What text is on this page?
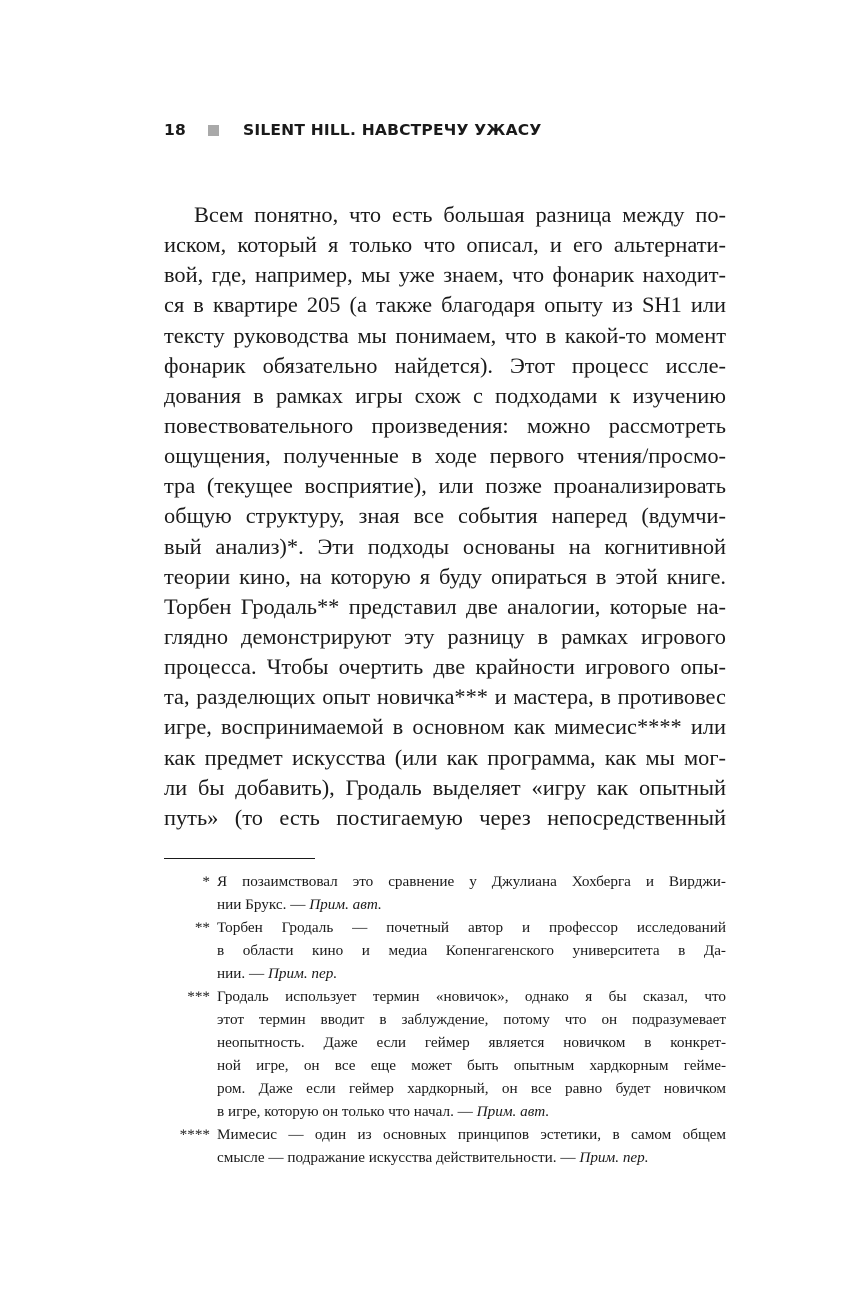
18	SILENT HILL. НАВСТРЕЧУ УЖАСУ
Всем понятно, что есть большая разница между по-
иском, который я только что описал, и его альтернати-
вой, где, например, мы уже знаем, что фонарик находит-
ся в квартире 205 (а также благодаря опыту из SH1 или
тексту руководства мы понимаем, что в какой-то момент
фонарик обязательно найдется). Этот процесс иссле-
дования в рамках игры схож с подходами к изучению
повествовательного произведения: можно рассмотреть
ощущения, полученные в ходе первого чтения/просмо-
тра (текущее восприятие), или позже проанализировать
общую структуру, зная все события наперед (вдумчи-
вый анализ)*. Эти подходы основаны на когнитивной
теории кино, на которую я буду опираться в этой книге.
Торбен Гродаль** представил две аналогии, которые на-
глядно демонстрируют эту разницу в рамках игрового
процесса. Чтобы очертить две крайности игрового опы-
та, разделющих опыт новичка*** и мастера, в противовес
игре, воспринимаемой в основном как мимесис**** или
как предмет искусства (или как программа, как мы мог-
ли бы добавить), Гродаль выделяет «игру как опытный
путь» (то есть постигаемую через непосредственный
* Я позаимствовал это сравнение у Джулиана Хохберга и Вирджи-
нии Брукс. — Прим. авт.
** Торбен Гродаль — почетный автор и профессор исследований
в области кино и медиа Копенгагенского университета в Да-
нии. — Прим. пер.
*** Гродаль использует термин «новичок», однако я бы сказал, что
этот термин вводит в заблуждение, потому что он подразумевает
неопытность. Даже если геймер является новичком в конкрет-
ной игре, он все еще может быть опытным хардкорным гейме-
ром. Даже если геймер хардкорный, он все равно будет новичком
в игре, которую он только что начал. — Прим. авт.
**** Мимесис — один из основных принципов эстетики, в самом общем
смысле — подражание искусства действительности. — Прим. пер.
